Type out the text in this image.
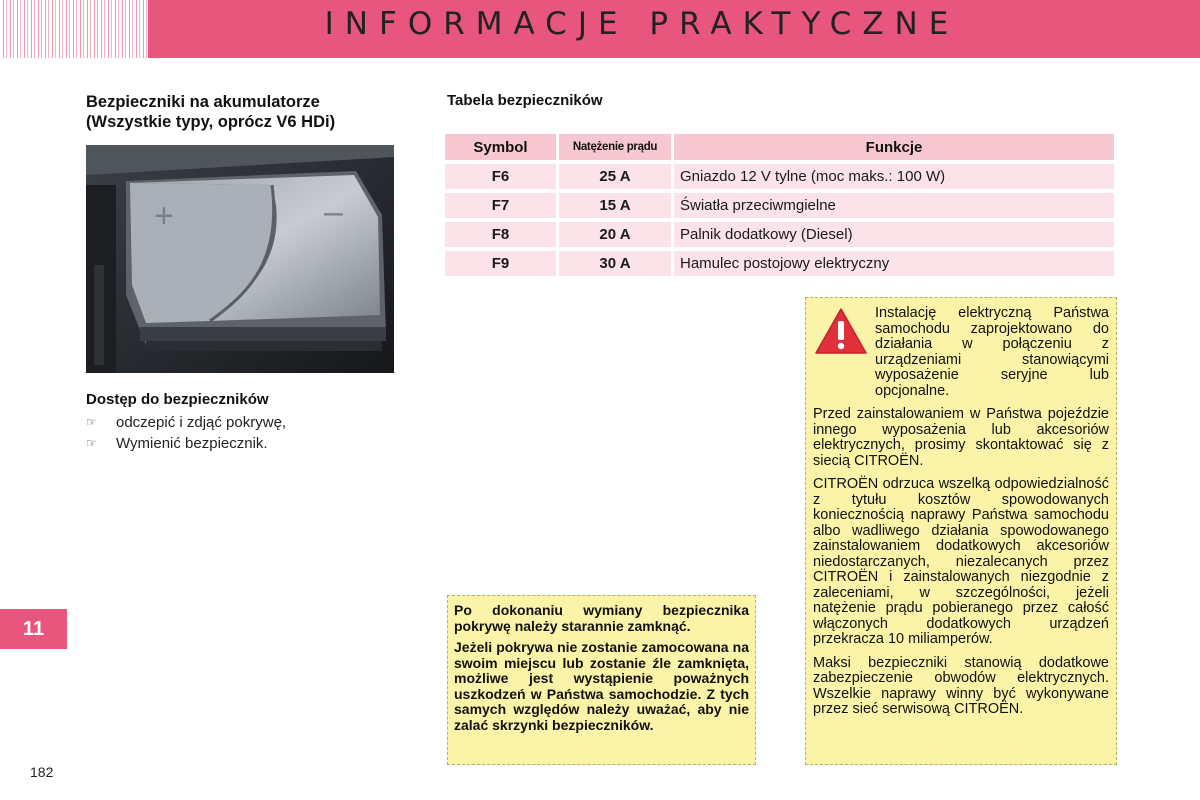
INFORMACJE PRAKTYCZNE
Bezpieczniki na akumulatorze
(Wszystkie typy, oprócz V6 HDi)
+	–
Dostęp do bezpieczników
☞	odczepić i zdjąć pokrywę,
☞	Wymienić bezpiecznik.
11
182
Tabela bezpieczników
Symbol	Natężenie prądu	Funkcje
F6	25 A	Gniazdo 12 V tylne (moc maks.: 100 W)
F7	15 A	Światła przeciwmgielne
F8	20 A	Palnik dodatkowy (Diesel)
F9	30 A	Hamulec postojowy elektryczny

Po dokonaniu wymiany bezpiecznika pokrywę należy starannie zamknąć.

Jeżeli pokrywa nie zostanie zamocowana na swoim miejscu lub zostanie źle zamknięta, możliwe jest wystąpienie poważnych uszkodzeń w Państwa samochodzie. Z tych samych względów należy uważać, aby nie zalać skrzynki bezpieczników.

Instalację elektryczną Państwa samochodu zaprojektowano do działania w połączeniu z urządzeniami stanowiącymi wyposażenie seryjne lub opcjonalne.

Przed zainstalowaniem w Państwa pojeździe innego wyposażenia lub akcesoriów elektrycznych, prosimy skontaktować się z siecią CITROËN.

CITROËN odrzuca wszelką odpowiedzialność z tytułu kosztów spowodowanych koniecznością naprawy Państwa samochodu albo wadliwego działania spowodowanego zainstalowaniem dodatkowych akcesoriów niedostarczanych, niezalecanych przez CITROËN i zainstalowanych niezgodnie z zaleceniami, w szczególności, jeżeli natężenie prądu pobieranego przez całość włączonych dodatkowych urządzeń przekracza 10 miliamperów.

Maksi bezpieczniki stanowią dodatkowe zabezpieczenie obwodów elektrycznych. Wszelkie naprawy winny być wykonywane przez sieć serwisową CITROËN.
